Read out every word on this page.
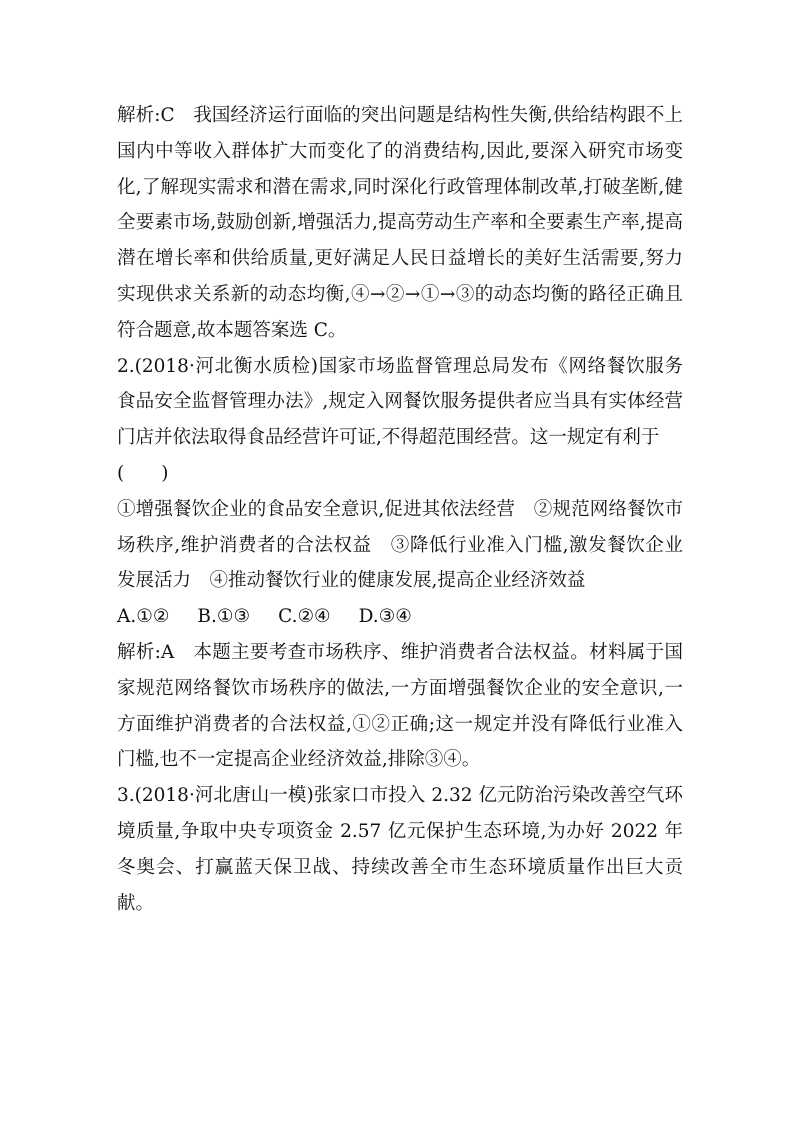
解析:C　我国经济运行面临的突出问题是结构性失衡,供给结构跟不上国内中等收入群体扩大而变化了的消费结构,因此,要深入研究市场变化,了解现实需求和潜在需求,同时深化行政管理体制改革,打破垄断,健全要素市场,鼓励创新,增强活力,提高劳动生产率和全要素生产率,提高潜在增长率和供给质量,更好满足人民日益增长的美好生活需要,努力实现供求关系新的动态均衡,④→②→①→③的动态均衡的路径正确且符合题意,故本题答案选 C。

2.(2018·河北衡水质检)国家市场监督管理总局发布《网络餐饮服务食品安全监督管理办法》,规定入网餐饮服务提供者应当具有实体经营门店并依法取得食品经营许可证,不得超范围经营。这一规定有利于

(　　)

①增强餐饮企业的食品安全意识,促进其依法经营　②规范网络餐饮市场秩序,维护消费者的合法权益　③降低行业准入门槛,激发餐饮企业发展活力　④推动餐饮行业的健康发展,提高企业经济效益

A.①② B.①③ C.②④ D.③④

解析:A　本题主要考查市场秩序、维护消费者合法权益。材料属于国家规范网络餐饮市场秩序的做法,一方面增强餐饮企业的安全意识,一方面维护消费者的合法权益,①②正确;这一规定并没有降低行业准入门槛,也不一定提高企业经济效益,排除③④。

3.(2018·河北唐山一模)张家口市投入 2.32 亿元防治污染改善空气环境质量,争取中央专项资金 2.57 亿元保护生态环境,为办好 2022 年冬奥会、打赢蓝天保卫战、持续改善全市生态环境质量作出巨大贡献。
